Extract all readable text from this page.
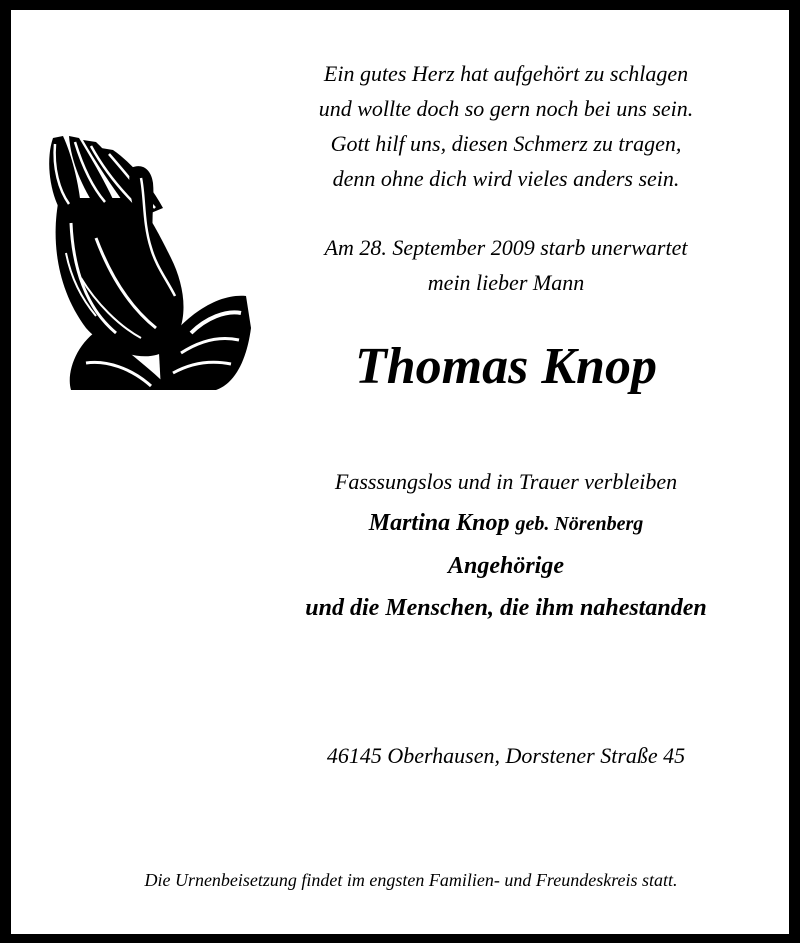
Ein gutes Herz hat aufgehört zu schlagen
und wollte doch so gern noch bei uns sein.
Gott hilf uns, diesen Schmerz zu tragen,
denn ohne dich wird vieles anders sein.
Am 28. September 2009 starb unerwartet
mein lieber Mann
Thomas Knop
Fasssungslos und in Trauer verbleiben
Martina Knop geb. Nörenberg
Angehörige
und die Menschen, die ihm nahestanden
46145 Oberhausen, Dorstener Straße 45
Die Urnenbeisetzung findet im engsten Familien- und Freundeskreis statt.
